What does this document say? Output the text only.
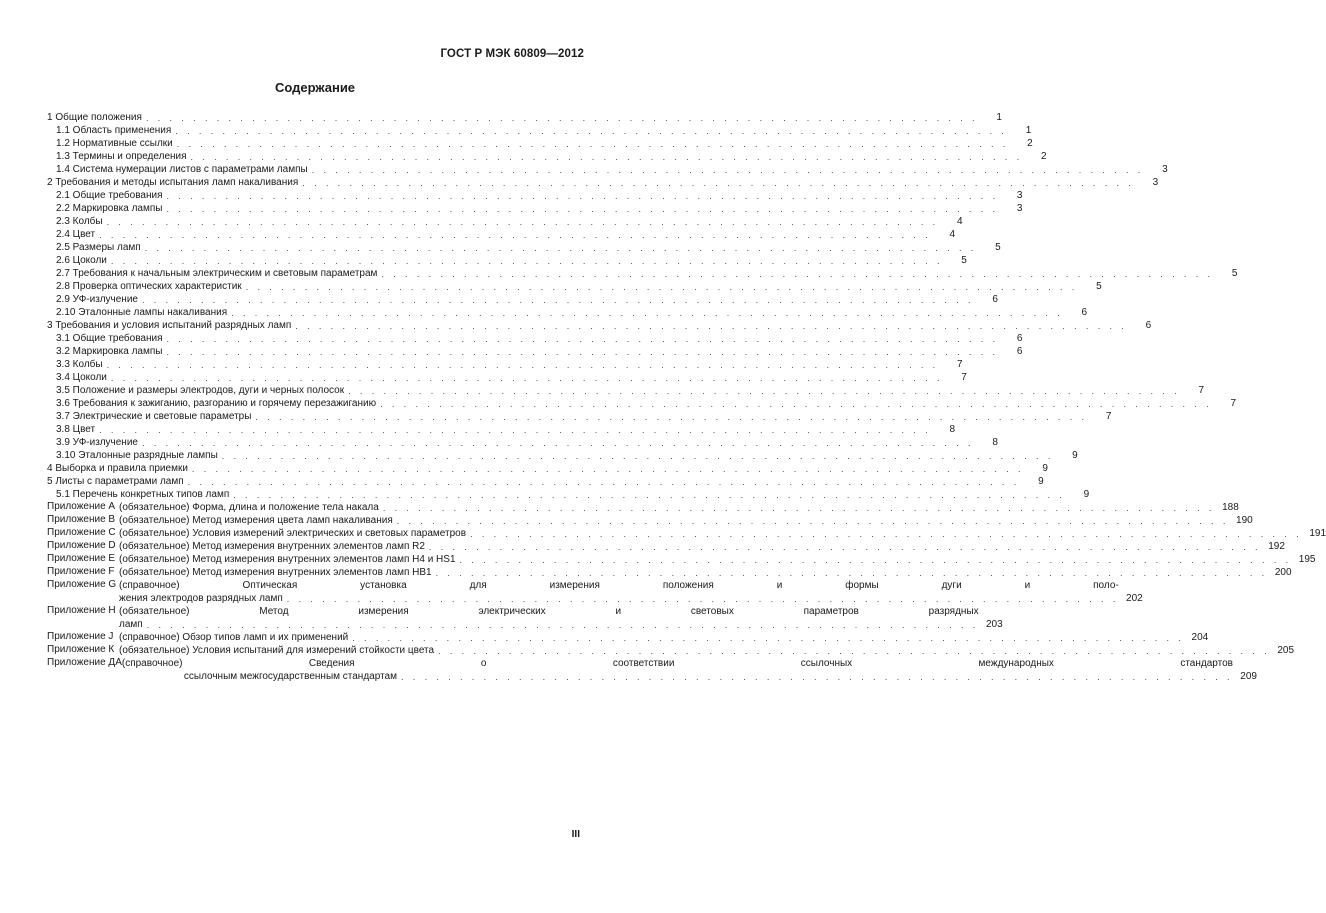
ГОСТ Р МЭК 60809—2012
Содержание
1 Общие положения . . . . . . . . . . . . . . . . . . . . . . . . . . . . . . . . . . . . . . . . . . . . . . . . . . . . . . . . . . . . . . . . . . . . . . .	1
1.1 Область применения . . . . . . . . . . . . . . . . . . . . . . . . . . . . . . . . . . . . . . . . . . . . . . . . . . . . . . . . . . . . . . . . . . . . . . .	1
1.2 Нормативные ссылки . . . . . . . . . . . . . . . . . . . . . . . . . . . . . . . . . . . . . . . . . . . . . . . . . . . . . . . . . . . . . . . . . . . . . . .	2
1.3 Термины и определения . . . . . . . . . . . . . . . . . . . . . . . . . . . . . . . . . . . . . . . . . . . . . . . . . . . . . . . . . . . . . . . . . . . . . . .	2
1.4 Система нумерации листов с параметрами лампы . . . . . . . . . . . . . . . . . . . . . . . . . . . . . . . . . . . . . . . . . . . . . . . . . . . . . . . . . . . . . . . . . . . . . . .	3
2 Требования и методы испытания ламп накаливания . . . . . . . . . . . . . . . . . . . . . . . . . . . . . . . . . . . . . . . . . . . . . . . . . . . . . . . . . . . . . . . . . . . . . . .	3
2.1 Общие требования . . . . . . . . . . . . . . . . . . . . . . . . . . . . . . . . . . . . . . . . . . . . . . . . . . . . . . . . . . . . . . . . . . . . . . .	3
2.2 Маркировка лампы . . . . . . . . . . . . . . . . . . . . . . . . . . . . . . . . . . . . . . . . . . . . . . . . . . . . . . . . . . . . . . . . . . . . . . .	3
2.3 Колбы . . . . . . . . . . . . . . . . . . . . . . . . . . . . . . . . . . . . . . . . . . . . . . . . . . . . . . . . . . . . . . . . . . . . . . .	4
2.4 Цвет . . . . . . . . . . . . . . . . . . . . . . . . . . . . . . . . . . . . . . . . . . . . . . . . . . . . . . . . . . . . . . . . . . . . . . .	4
2.5 Размеры ламп . . . . . . . . . . . . . . . . . . . . . . . . . . . . . . . . . . . . . . . . . . . . . . . . . . . . . . . . . . . . . . . . . . . . . . .	5
2.6 Цоколи . . . . . . . . . . . . . . . . . . . . . . . . . . . . . . . . . . . . . . . . . . . . . . . . . . . . . . . . . . . . . . . . . . . . . . .	5
2.7 Требования к начальным электрическим и световым параметрам . . . . . . . . . . . . . . . . . . . . . . . . . . . . . . . . . . . . . . . . . . . . . . . . . . . . . . . . . . . . . . . . . . . . . . .	5
2.8 Проверка оптических характеристик . . . . . . . . . . . . . . . . . . . . . . . . . . . . . . . . . . . . . . . . . . . . . . . . . . . . . . . . . . . . . . . . . . . . . . .	5
2.9 УФ-излучение . . . . . . . . . . . . . . . . . . . . . . . . . . . . . . . . . . . . . . . . . . . . . . . . . . . . . . . . . . . . . . . . . . . . . . .	6
2.10 Эталонные лампы накаливания . . . . . . . . . . . . . . . . . . . . . . . . . . . . . . . . . . . . . . . . . . . . . . . . . . . . . . . . . . . . . . . . . . . . . . .	6
3 Требования и условия испытаний разрядных ламп . . . . . . . . . . . . . . . . . . . . . . . . . . . . . . . . . . . . . . . . . . . . . . . . . . . . . . . . . . . . . . . . . . . . . . .	6
3.1 Общие требования . . . . . . . . . . . . . . . . . . . . . . . . . . . . . . . . . . . . . . . . . . . . . . . . . . . . . . . . . . . . . . . . . . . . . . .	6
3.2 Маркировка лампы . . . . . . . . . . . . . . . . . . . . . . . . . . . . . . . . . . . . . . . . . . . . . . . . . . . . . . . . . . . . . . . . . . . . . . .	6
3.3 Колбы . . . . . . . . . . . . . . . . . . . . . . . . . . . . . . . . . . . . . . . . . . . . . . . . . . . . . . . . . . . . . . . . . . . . . . .	7
3.4 Цоколи . . . . . . . . . . . . . . . . . . . . . . . . . . . . . . . . . . . . . . . . . . . . . . . . . . . . . . . . . . . . . . . . . . . . . . .	7
3.5 Положение и размеры электродов, дуги и черных полосок . . . . . . . . . . . . . . . . . . . . . . . . . . . . . . . . . . . . . . . . . . . . . . . . . . . . . . . . . . . . . . . . . . . . . . .	7
3.6 Требования к зажиганию, разгоранию и горячему перезажиганию . . . . . . . . . . . . . . . . . . . . . . . . . . . . . . . . . . . . . . . . . . . . . . . . . . . . . . . . . . . . . . . . . . . . . . .	7
3.7 Электрические и световые параметры . . . . . . . . . . . . . . . . . . . . . . . . . . . . . . . . . . . . . . . . . . . . . . . . . . . . . . . . . . . . . . . . . . . . . . .	7
3.8 Цвет . . . . . . . . . . . . . . . . . . . . . . . . . . . . . . . . . . . . . . . . . . . . . . . . . . . . . . . . . . . . . . . . . . . . . . .	8
3.9 УФ-излучение . . . . . . . . . . . . . . . . . . . . . . . . . . . . . . . . . . . . . . . . . . . . . . . . . . . . . . . . . . . . . . . . . . . . . . .	8
3.10 Эталонные разрядные лампы . . . . . . . . . . . . . . . . . . . . . . . . . . . . . . . . . . . . . . . . . . . . . . . . . . . . . . . . . . . . . . . . . . . . . . .	9
4 Выборка и правила приемки . . . . . . . . . . . . . . . . . . . . . . . . . . . . . . . . . . . . . . . . . . . . . . . . . . . . . . . . . . . . . . . . . . . . . . .	9
5 Листы с параметрами ламп . . . . . . . . . . . . . . . . . . . . . . . . . . . . . . . . . . . . . . . . . . . . . . . . . . . . . . . . . . . . . . . . . . . . . . .	9
5.1 Перечень конкретных типов ламп . . . . . . . . . . . . . . . . . . . . . . . . . . . . . . . . . . . . . . . . . . . . . . . . . . . . . . . . . . . . . . . . . . . . . . .	9
Приложение А (обязательное) Форма, длина и положение тела накала . . . . . . . . . . . . . . . . . . . . . . . . . . . . . . . . . . . . . . . . . . . . . . . . . . . . . . . . . . . . . . . . . . . . . . . 188
Приложение В (обязательное) Метод измерения цвета ламп накаливания . . . . . . . . . . . . . . . . . . . . . . . . . . . . . . . . . . . . . . . . . . . . . . . . . . . . . . . . . . . . . . . . . . . . . . . 190
Приложение С (обязательное) Условия измерений электрических и световых параметров . . . . . . . . . . . . . . . . . . . . . . . . . . . . . . . . . . . . . . . . . . . . . . . . . . . . . . . . . . . . . . . . . . . . . . . 191
Приложение D (обязательное) Метод измерения внутренних элементов ламп R2 . . . . . . . . . . . . . . . . . . . . . . . . . . . . . . . . . . . . . . . . . . . . . . . . . . . . . . . . . . . . . . . . . . . . . . . 192
Приложение Е (обязательное) Метод измерения внутренних элементов ламп Н4 и HS1 . . . . . . . . . . . . . . . . . . . . . . . . . . . . . . . . . . . . . . . . . . . . . . . . . . . . . . . . . . . . . . . . . . . . . . . 195
Приложение F (обязательное) Метод измерения внутренних элементов ламп НВ1 . . . . . . . . . . . . . . . . . . . . . . . . . . . . . . . . . . . . . . . . . . . . . . . . . . . . . . . . . . . . . . . . . . . . . . . 200
Приложение G (справочное) Оптическая установка для измерения положения и формы дуги и поло-
жения электродов разрядных ламп . . . . . . . . . . . . . . . . . . . . . . . . . . . . . . . . . . . . . . . . . . . . . . . . . . . . . . . . . . . . . . . . . . . . . . . 202
Приложение Н (обязательное) Метод измерения электрических и световых параметров разрядных
ламп . . . . . . . . . . . . . . . . . . . . . . . . . . . . . . . . . . . . . . . . . . . . . . . . . . . . . . . . . . . . . . . . . . . . . . . 203
Приложение J (справочное) Обзор типов ламп и их применений . . . . . . . . . . . . . . . . . . . . . . . . . . . . . . . . . . . . . . . . . . . . . . . . . . . . . . . . . . . . . . . . . . . . . . . 204
Приложение К (обязательное) Условия испытаний для измерений стойкости цвета . . . . . . . . . . . . . . . . . . . . . . . . . . . . . . . . . . . . . . . . . . . . . . . . . . . . . . . . . . . . . . . . . . . . . . . 205
Приложение ДА (справочное) Сведения о соответствии ссылочных международных стандартов
ссылочным межгосударственным стандартам . . . . . . . . . . . . . . . . . . . . . . . . . . . . . . . . . . . . . . . . . . . . . . . . . . . . . . . . . . . . . . . . . . . . . . . 209
III
